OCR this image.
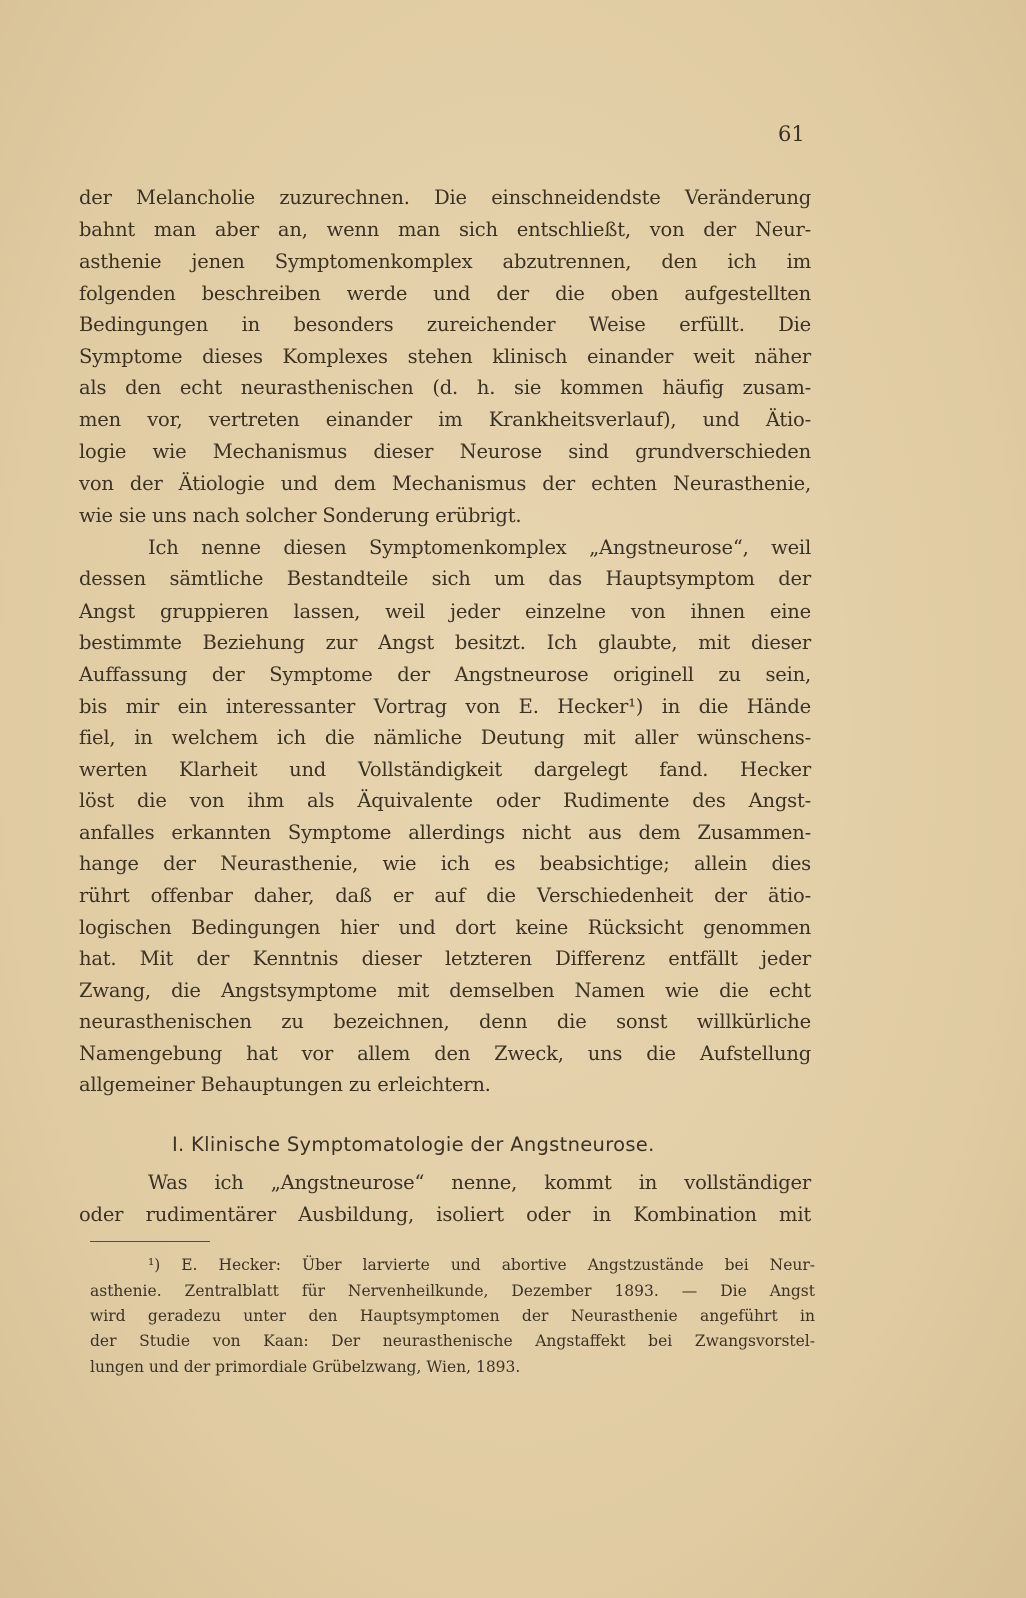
61
der Melancholie zuzurechnen. Die einschneidendste Veränderung
bahnt man aber an, wenn man sich entschließt, von der Neur-
asthenie jenen Symptomenkomplex abzutrennen, den ich im
folgenden beschreiben werde und der die oben aufgestellten
Bedingungen in besonders zureichender Weise erfüllt. Die
Symptome dieses Komplexes stehen klinisch einander weit näher
als den echt neurasthenischen (d. h. sie kommen häufig zusam-
men vor, vertreten einander im Krankheitsverlauf), und Ätio-
logie wie Mechanismus dieser Neurose sind grundverschieden
von der Ätiologie und dem Mechanismus der echten Neurasthenie,
wie sie uns nach solcher Sonderung erübrigt.
Ich nenne diesen Symptomenkomplex „Angstneurose“, weil
dessen sämtliche Bestandteile sich um das Hauptsymptom der
Angst gruppieren lassen, weil jeder einzelne von ihnen eine
bestimmte Beziehung zur Angst besitzt. Ich glaubte, mit dieser
Auffassung der Symptome der Angstneurose originell zu sein,
bis mir ein interessanter Vortrag von E. Hecker¹) in die Hände
fiel, in welchem ich die nämliche Deutung mit aller wünschens-
werten Klarheit und Vollständigkeit dargelegt fand. Hecker
löst die von ihm als Äquivalente oder Rudimente des Angst-
anfalles erkannten Symptome allerdings nicht aus dem Zusammen-
hange der Neurasthenie, wie ich es beabsichtige; allein dies
rührt offenbar daher, daß er auf die Verschiedenheit der ätio-
logischen Bedingungen hier und dort keine Rücksicht genommen
hat. Mit der Kenntnis dieser letzteren Differenz entfällt jeder
Zwang, die Angstsymptome mit demselben Namen wie die echt
neurasthenischen zu bezeichnen, denn die sonst willkürliche
Namengebung hat vor allem den Zweck, uns die Aufstellung
allgemeiner Behauptungen zu erleichtern.
I. Klinische Symptomatologie der Angstneurose.
Was ich „Angstneurose“ nenne, kommt in vollständiger
oder rudimentärer Ausbildung, isoliert oder in Kombination mit
¹) E. Hecker: Über larvierte und abortive Angstzustände bei Neur-
asthenie. Zentralblatt für Nervenheilkunde, Dezember 1893. — Die Angst
wird geradezu unter den Hauptsymptomen der Neurasthenie angeführt in
der Studie von Kaan: Der neurasthenische Angstaffekt bei Zwangsvorstel-
lungen und der primordiale Grübelzwang, Wien, 1893.
